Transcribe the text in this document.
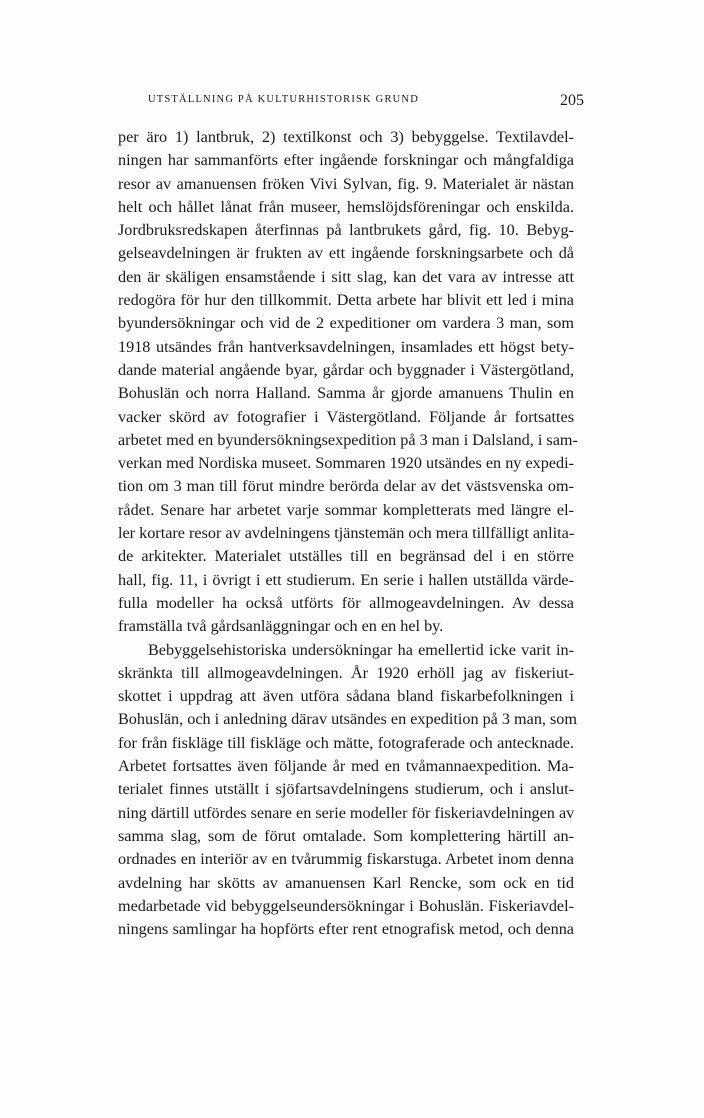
UTSTÄLLNING PÅ KULTURHISTORISK GRUND	205
per äro 1) lantbruk, 2) textilkonst och 3) bebyggelse. Textilavdel-
ningen har sammanförts efter ingående forskningar och mångfaldiga
resor av amanuensen fröken Vivi Sylvan, fig. 9. Materialet är nästan
helt och hållet lånat från museer, hemslöjdsföreningar och enskilda.
Jordbruksredskapen återfinnas på lantbrukets gård, fig. 10. Bebyg-
gelseavdelningen är frukten av ett ingående forskningsarbete och då
den är skäligen ensamstående i sitt slag, kan det vara av intresse att
redogöra för hur den tillkommit. Detta arbete har blivit ett led i mina
byundersökningar och vid de 2 expeditioner om vardera 3 man, som
1918 utsändes från hantverksavdelningen, insamlades ett högst bety-
dande material angående byar, gårdar och byggnader i Västergötland,
Bohuslän och norra Halland. Samma år gjorde amanuens Thulin en
vacker skörd av fotografier i Västergötland. Följande år fortsattes
arbetet med en byundersökningsexpedition på 3 man i Dalsland, i sam-
verkan med Nordiska museet. Sommaren 1920 utsändes en ny expedi-
tion om 3 man till förut mindre berörda delar av det västsvenska om-
rådet. Senare har arbetet varje sommar kompletterats med längre el-
ler kortare resor av avdelningens tjänstemän och mera tillfälligt anlita-
de arkitekter. Materialet utställes till en begränsad del i en större
hall, fig. 11, i övrigt i ett studierum. En serie i hallen utställda värde-
fulla modeller ha också utförts för allmogeavdelningen. Av dessa
framställa två gårdsanläggningar och en en hel by.
Bebyggelsehistoriska undersökningar ha emellertid icke varit in-
skränkta till allmogeavdelningen. År 1920 erhöll jag av fiskeriut-
skottet i uppdrag att även utföra sådana bland fiskarbefolkningen i
Bohuslän, och i anledning därav utsändes en expedition på 3 man, som
for från fiskläge till fiskläge och mätte, fotograferade och antecknade.
Arbetet fortsattes även följande år med en tvåmannaexpedition. Ma-
terialet finnes utställt i sjöfartsavdelningens studierum, och i anslut-
ning därtill utfördes senare en serie modeller för fiskeriavdelningen av
samma slag, som de förut omtalade. Som komplettering härtill an-
ordnades en interiör av en tvårummig fiskarstuga. Arbetet inom denna
avdelning har skötts av amanuensen Karl Rencke, som ock en tid
medarbetade vid bebyggelseundersökningar i Bohuslän. Fiskeriavdel-
ningens samlingar ha hopförts efter rent etnografisk metod, och denna
